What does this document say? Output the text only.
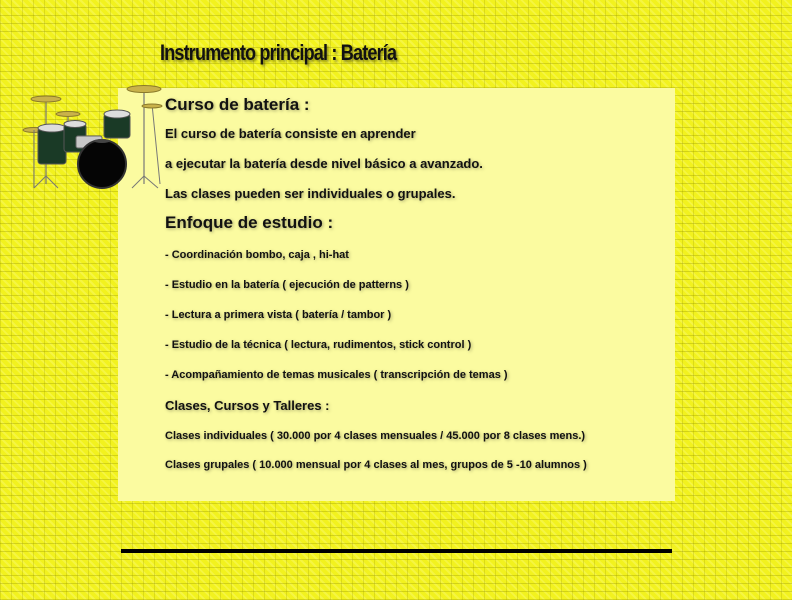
Instrumento principal : Batería
Curso de batería :
El curso de batería consiste en aprender
a ejecutar la batería desde nivel básico a avanzado.
Las clases pueden ser individuales o grupales.
Enfoque de estudio :
- Coordinación bombo, caja , hi-hat
- Estudio en la batería ( ejecución de patterns )
- Lectura a primera vista ( batería / tambor )
- Estudio de la técnica ( lectura, rudimentos, stick control )
- Acompañamiento de temas musicales ( transcripción de temas )
Clases, Cursos y Talleres :
Clases individuales ( 30.000 por 4 clases mensuales / 45.000 por 8 clases mens.)
Clases grupales ( 10.000 mensual por 4 clases al mes, grupos de 5 -10 alumnos )
